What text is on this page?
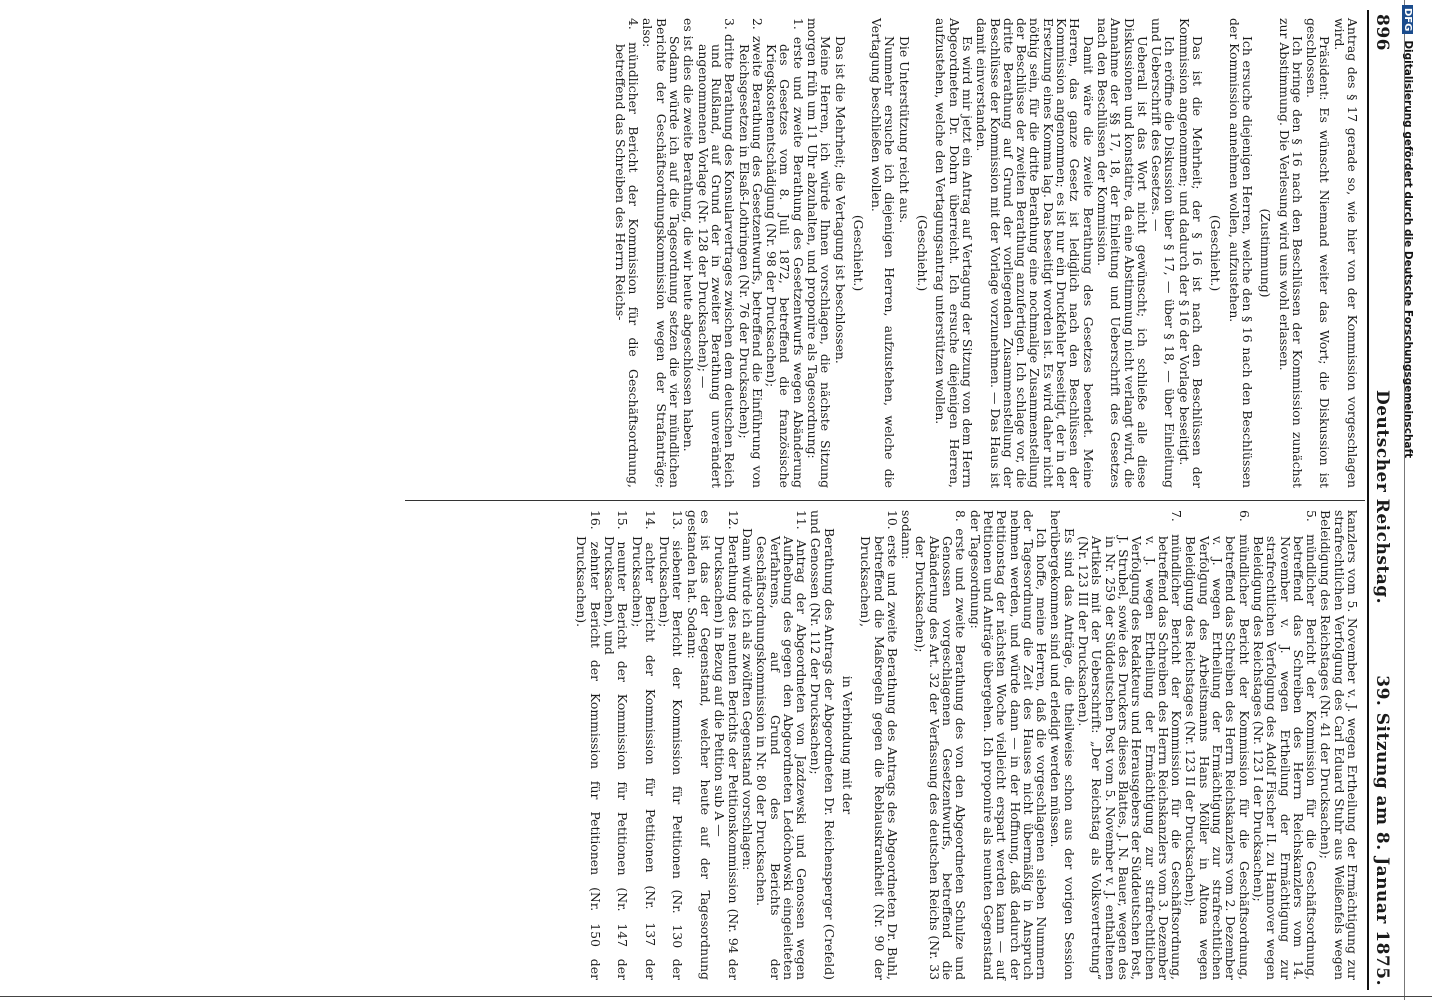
896
Deutscher Reichstag.
39. Sitzung am 8. Januar 1875.

Antrag des § 17 gerade so, wie hier von der Kommission vorgeschlagen wird.

Präsident: Es wünscht Niemand weiter das Wort; die Diskussion ist geschlossen.

Ich bringe den § 16 nach den Beschlüssen der Kommission zunächst zur Abstimmung. Die Verlesung wird uns wohl erlassen.

(Zustimmung)

Ich ersuche diejenigen Herren, welche den § 16 nach den Beschlüssen der Kommission annehmen wollen, aufzustehen.

(Geschieht.)

Das ist die Mehrheit; der § 16 ist nach den Beschlüssen der Kommission angenommen; und dadurch der § 16 der Vorlage beseitigt.

Ich eröffne die Diskussion über § 17, — über § 18, — über Einleitung und Ueberschrift des Gesetzes. —

Ueberall ist das Wort nicht gewünscht; ich schließe alle diese Diskussionen und konstatire, da eine Abstimmung nicht verlangt wird, die Annahme der §§ 17, 18, der Einleitung und Ueberschrift des Gesetzes nach den Beschlüssen der Kommission.

Damit wäre die zweite Berathung des Gesetzes beendet. Meine Herren, das ganze Gesetz ist lediglich nach den Beschlüssen der Kommission angenommen; es ist nur ein Druckfehler beseitigt, der in der Ersetzung eines Komma lag. Das beseitigt worden ist. Es wird daher nicht nöthig sein, für die dritte Berathung eine nochmalige Zusammenstellung der Beschlüsse der zweiten Berathung anzufertigen. Ich schlage vor, die dritte Berathung auf Grund der vorliegenden Zusammenstellung der Beschlüsse der Kommission mit der Vorlage vorzunehmen. — Das Haus ist damit einverstanden.

Es wird mir jetzt ein Antrag auf Vertagung der Sitzung von dem Herrn Abgeordneten Dr. Dohrn überreicht. Ich ersuche diejenigen Herren, aufzustehen, welche den Vertagungsantrag unterstützen wollen.

(Geschieht.)

Die Unterstützung reicht aus.

Nunmehr ersuche ich diejenigen Herren, aufzustehen, welche die Vertagung beschließen wollen.

(Geschieht.)

Das ist die Mehrheit; die Vertagung ist beschlossen.

Meine Herren, ich würde Ihnen vorschlagen, die nächste Sitzung morgen früh um 11 Uhr abzuhalten, und proponire als Tagesordnung:

1. erste und zweite Berathung des Gesetzentwurfs wegen Abänderung des Gesetzes vom 8. Juli 1872, betreffend die französische Kriegskostenentschädigung (Nr. 98 der Drucksachen);

2. zweite Berathung des Gesetzentwurfs, betreffend die Einführung von Reichsgesetzen in Elsaß-Lothringen (Nr. 76 der Drucksachen);

3. dritte Berathung des Konsularvertrages zwischen dem deutschen Reich und Rußland, auf Grund der in zweiter Berathung unverändert angenommenen Vorlage (Nr. 128 der Drucksachen); —

es ist dies die zweite Berathung, die wir heute abgeschlossen haben.

Sodann würde ich auf die Tagesordnung setzen die vier mündlichen Berichte der Geschäftsordnungskommission wegen der Strafanträge; also:

4. mündlicher Bericht der Kommission für die Geschäftsordnung, betreffend das Schreiben des Herrn Reichs-

kanzlers vom 5. November v. J. wegen Ertheilung der Ermächtigung zur strafrechtlichen Verfolgung des Carl Eduard Stuhr aus Weißenfels wegen Beleidigung des Reichstages (Nr. 41 der Drucksachen);

5. mündlicher Bericht der Kommission für die Geschäftsordnung, betreffend das Schreiben des Herrn Reichskanzlers vom 14. November v. J. wegen Ertheilung der Ermächtigung zur strafrechtlichen Verfolgung des Adolf Fischer II. zu Hannover wegen Beleidigung des Reichstages (Nr. 123 I der Drucksachen);

6. mündlicher Bericht der Kommission für die Geschäftsordnung, betreffend das Schreiben des Herrn Reichskanzlers vom 2. Dezember v. J. wegen Ertheilung der Ermächtigung zur strafrechtlichen Verfolgung des Arbeitsmanns Hans Möller in Altona wegen Beleidigung des Reichstages (Nr. 123 II der Drucksachen);

7. mündlicher Bericht der Kommission für die Geschäftsordnung, betreffend das Schreiben des Herrn Reichskanzlers vom 3. Dezember v. J. wegen Ertheilung der Ermächtigung zur strafrechtlichen Verfolgung des Redakteurs und Herausgebers der Süddeutschen Post, J. Strubel, sowie des Druckers dieses Blattes, J. N. Bauer, wegen des in Nr. 259 der Süddeutschen Post vom 5. November v. J. enthaltenen Artikels mit der Ueberschrift: „Der Reichstag als Volksvertretung“ (Nr. 123 III der Drucksachen).

Es sind das Anträge, die theilweise schon aus der vorigen Session herübergekommen sind und erledigt werden müssen.

Ich hoffe, meine Herren, daß die vorgeschlagenen sieben Nummern der Tagesordnung die Zeit des Hauses nicht übermäßig in Anspruch nehmen werden, und würde dann — in der Hoffnung, daß dadurch der Petitionstag der nächsten Woche vielleicht erspart werden kann — auf Petitionen und Anträge übergehen. Ich proponire als neunten Gegenstand der Tagesordnung:

8. erste und zweite Berathung des von den Abgeordneten Schulze und Genossen vorgeschlagenen Gesetzentwurfs, betreffend die Abänderung des Art. 32 der Verfassung des deutschen Reichs (Nr. 33 der Drucksachen);

sodann:

10. erste und zweite Berathung des Antrags des Abgeordneten Dr. Buhl, betreffend die Maßregeln gegen die Reblauskrankheit (Nr. 90 der Drucksachen),

in Verbindung mit der

Berathung des Antrags der Abgeordneten Dr. Reichensperger (Crefeld) und Genossen (Nr. 112 der Drucksachen);

11. Antrag der Abgeordneten von Jazdzewski und Genossen wegen Aufhebung des gegen den Abgeordneten Ledóchowski eingeleiteten Verfahrens, auf Grund des Berichts der Geschäftsordnungskommission in Nr. 80 der Drucksachen.

Dann würde ich als zwölften Gegenstand vorschlagen:

12. Berathung des neunten Berichts der Petitionskommission (Nr. 94 der Drucksachen) in Bezug auf die Petition sub A —

es ist das der Gegenstand, welcher heute auf der Tagesordnung gestanden hat. Sodann:

13. siebenter Bericht der Kommission für Petitionen (Nr. 130 der Drucksachen);

14. achter Bericht der Kommission für Petitionen (Nr. 137 der Drucksachen);

15. neunter Bericht der Kommission für Petitionen (Nr. 147 der Drucksachen), und

16. zehnter Bericht der Kommission für Petitionen (Nr. 150 der Drucksachen).

DFGDigitalisierung gefördert durch die Deutsche Forschungsgemeinschaft
